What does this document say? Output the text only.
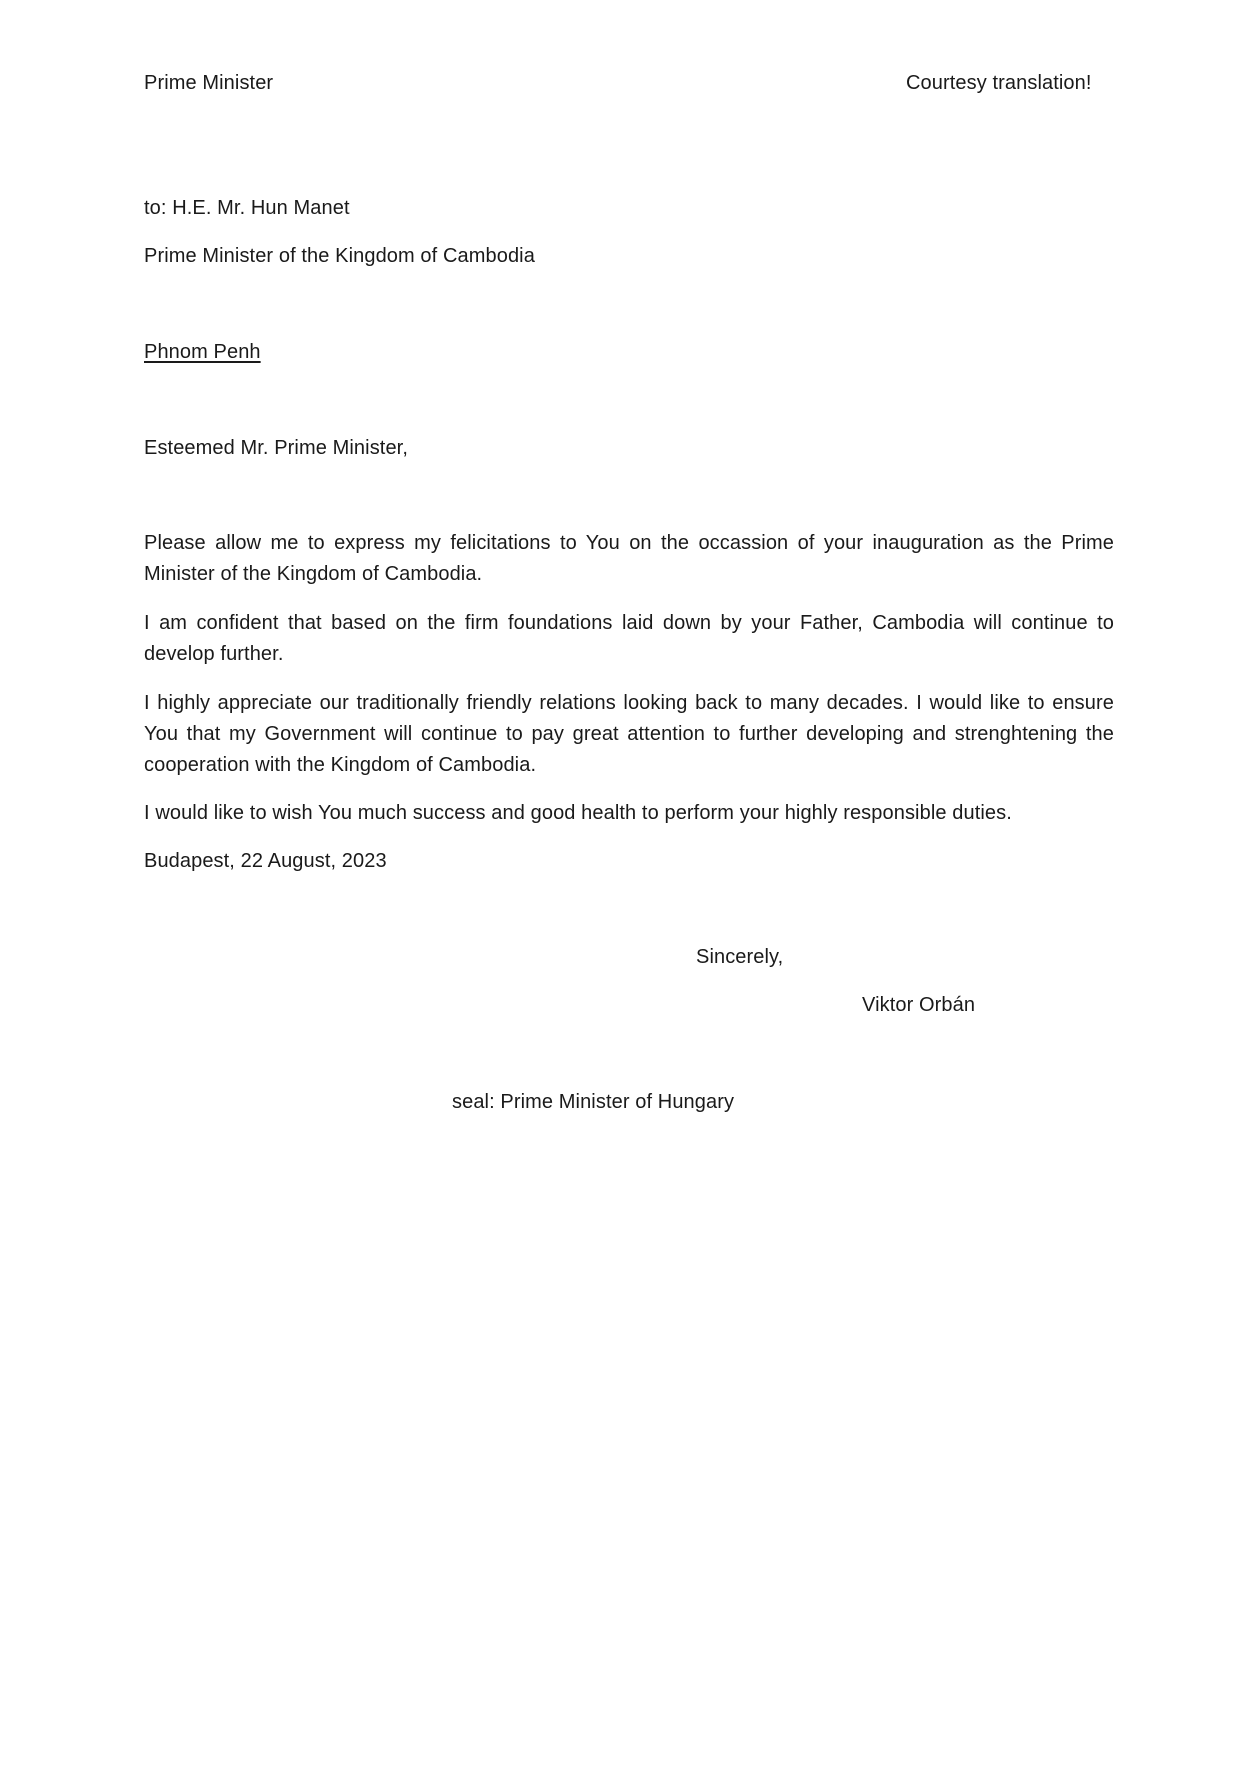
Prime Minister	Courtesy translation!
to: H.E. Mr. Hun Manet
Prime Minister of the Kingdom of Cambodia
Phnom Penh
Esteemed Mr. Prime Minister,

Please allow me to express my felicitations to You on the occassion of your inauguration as the Prime Minister of the Kingdom of Cambodia.

I am confident that based on the firm foundations laid down by your Father, Cambodia will continue to develop further.

I highly appreciate our traditionally friendly relations looking back to many decades. I would like to ensure You that my Government will continue to pay great attention to further developing and strenghtening the cooperation with the Kingdom of Cambodia.

I would like to wish You much success and good health to perform your highly responsible duties.

Budapest, 22 August, 2023
Sincerely,
Viktor Orbán
seal: Prime Minister of Hungary
